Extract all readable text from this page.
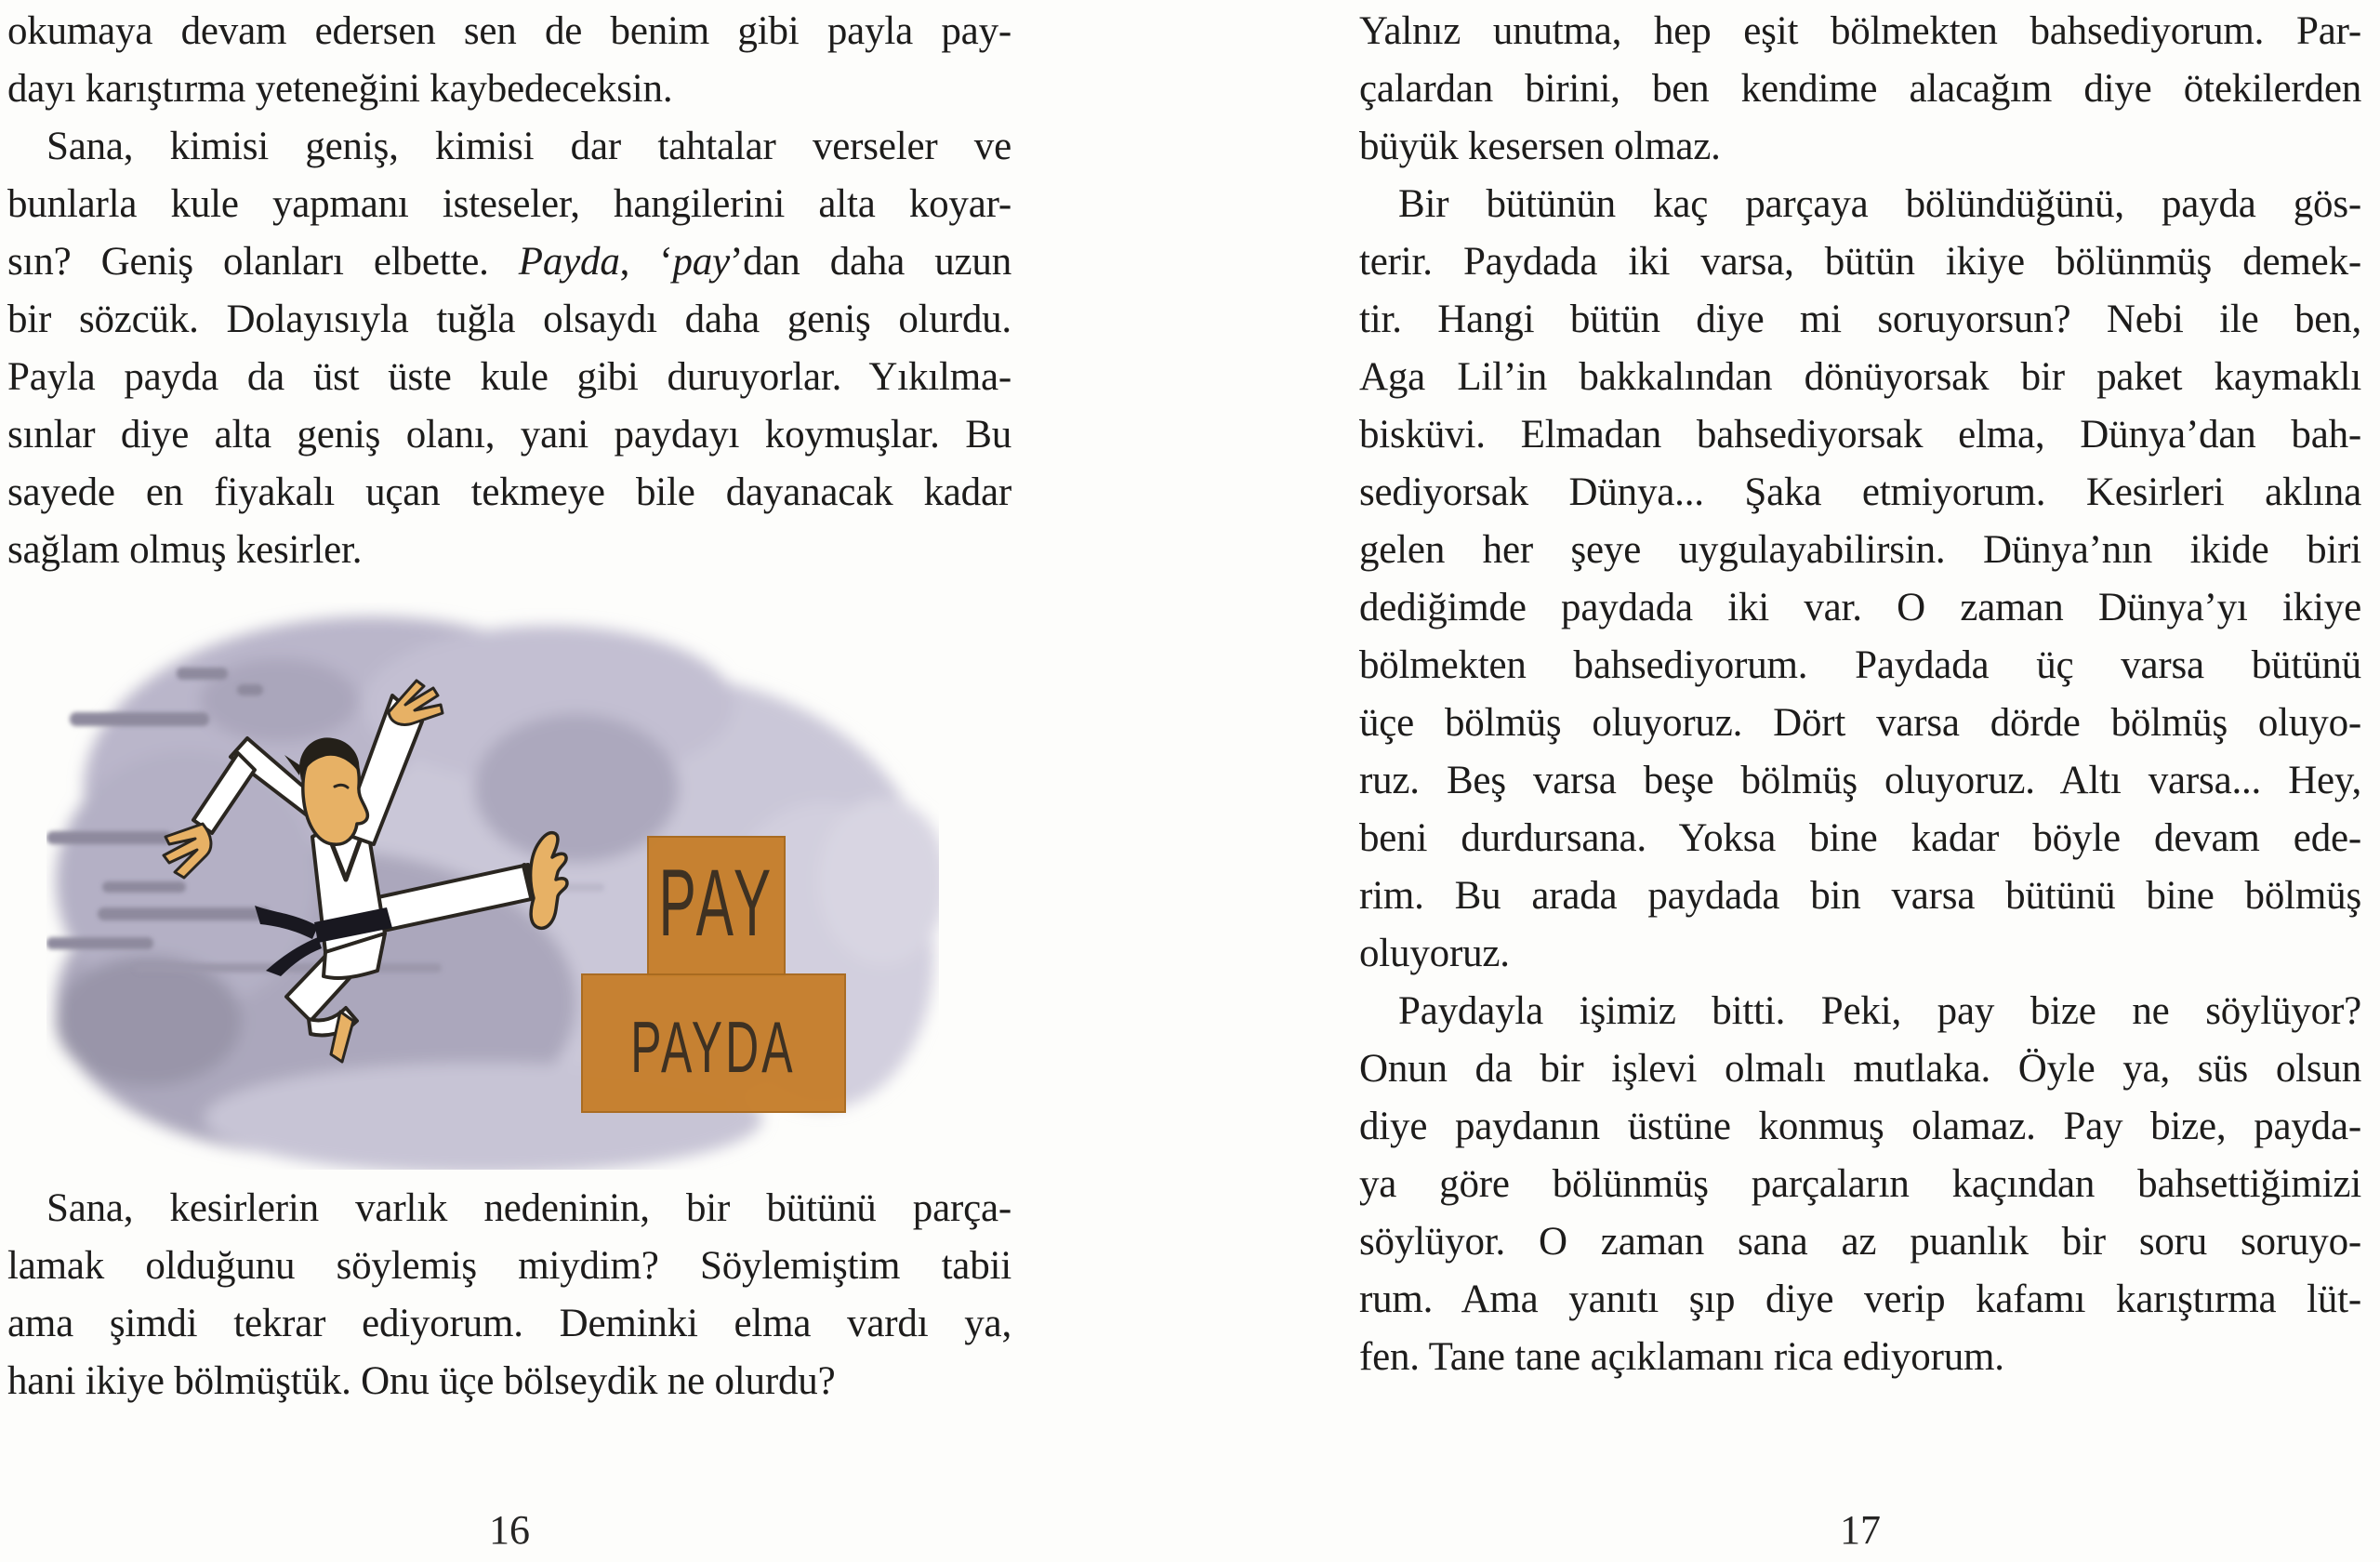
okumaya devam edersen sen de benim gibi payla pay-
dayı karıştırma yeteneğini kaybedeceksin.
Sana, kimisi geniş, kimisi dar tahtalar verseler ve
bunlarla kule yapmanı isteseler, hangilerini alta koyar-
sın? Geniş olanları elbette. Payda, ‘pay’dan daha uzun
bir sözcük. Dolayısıyla tuğla olsaydı daha geniş olurdu.
Payla payda da üst üste kule gibi duruyorlar. Yıkılma-
sınlar diye alta geniş olanı, yani paydayı koymuşlar. Bu
sayede en fiyakalı uçan tekmeye bile dayanacak kadar
sağlam olmuş kesirler.
PAY
PAYDA
Sana, kesirlerin varlık nedeninin, bir bütünü parça-
lamak olduğunu söylemiş miydim? Söylemiştim tabii
ama şimdi tekrar ediyorum. Deminki elma vardı ya,
hani ikiye bölmüştük. Onu üçe bölseydik ne olurdu?
16
Yalnız unutma, hep eşit bölmekten bahsediyorum. Par-
çalardan birini, ben kendime alacağım diye ötekilerden
büyük kesersen olmaz.
Bir bütünün kaç parçaya bölündüğünü, payda gös-
terir. Paydada iki varsa, bütün ikiye bölünmüş demek-
tir. Hangi bütün diye mi soruyorsun? Nebi ile ben,
Aga Lil’in bakkalından dönüyorsak bir paket kaymaklı
bisküvi. Elmadan bahsediyorsak elma, Dünya’dan bah-
sediyorsak Dünya... Şaka etmiyorum. Kesirleri aklına
gelen her şeye uygulayabilirsin. Dünya’nın ikide biri
dediğimde paydada iki var. O zaman Dünya’yı ikiye
bölmekten bahsediyorum. Paydada üç varsa bütünü
üçe bölmüş oluyoruz. Dört varsa dörde bölmüş oluyo-
ruz. Beş varsa beşe bölmüş oluyoruz. Altı varsa... Hey,
beni durdursana. Yoksa bine kadar böyle devam ede-
rim. Bu arada paydada bin varsa bütünü bine bölmüş
oluyoruz.
Paydayla işimiz bitti. Peki, pay bize ne söylüyor?
Onun da bir işlevi olmalı mutlaka. Öyle ya, süs olsun
diye paydanın üstüne konmuş olamaz. Pay bize, payda-
ya göre bölünmüş parçaların kaçından bahsettiğimizi
söylüyor. O zaman sana az puanlık bir soru soruyo-
rum. Ama yanıtı şıp diye verip kafamı karıştırma lüt-
fen. Tane tane açıklamanı rica ediyorum.
17
